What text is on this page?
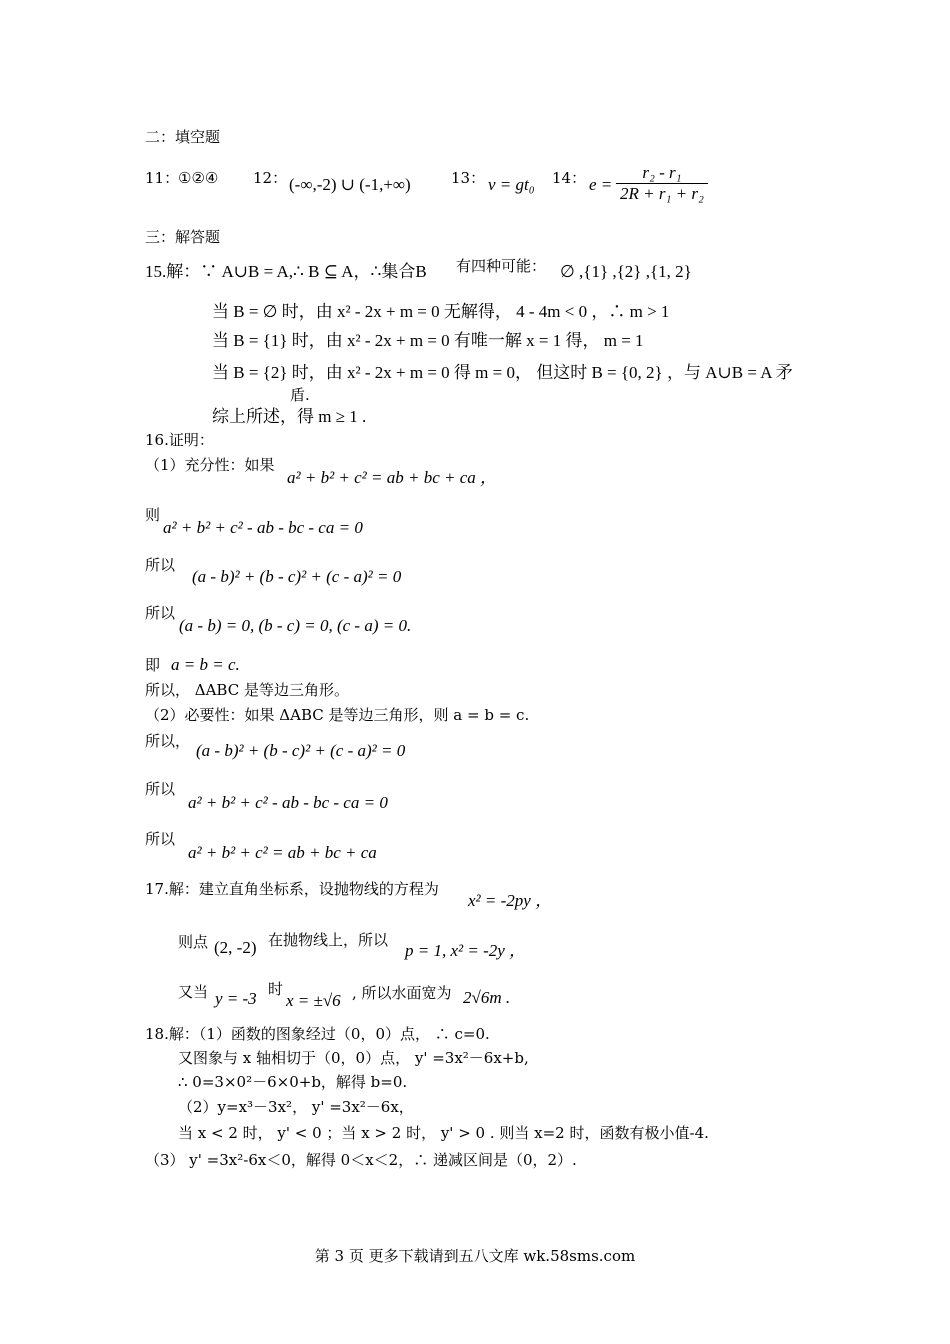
二：填空题
11：
①②④ 12： (-∞,-2) ∪ (-1,+∞)	13： v = gt₀ 14： $e = \frac{\text{r₂ - r₁}}{\text{2R + r₁ + r₂}}$
三：解答题
15.解：∵ A∪B = A,∴ B ⊆ A，∴集合B 有四种可能： ∅ ,{1} ,{2} ,{1, 2}
当 B = ∅ 时，由 x² - 2x + m = 0 无解得， 4 - 4m < 0 ，∴ m > 1
当 B = {1} 时，由 x² - 2x + m = 0 有唯一解 x = 1 得， m = 1
当 B = {2} 时，由 x² - 2x + m = 0 得 m = 0， 但这时 B = {0, 2} ，与 A∪B = A 矛
盾.
综上所述，得 m ≥ 1 .
16.证明：
（1）充分性：如果
a² + b² + c² = ab + bc + ca ，
则
a² + b² + c² - ab - bc - ca = 0
所以
(a - b)² + (b - c)² + (c - a)² = 0
所以
(a - b) = 0, (b - c) = 0, (c - a) = 0.
即 a = b = c.
所以， ΔABC 是等边三角形。
（2）必要性：如果 ΔABC 是等边三角形，则 a = b = c.
所以， (a - b)² + (b - c)² + (c - a)² = 0
所以
a² + b² + c² - ab - bc - ca = 0
所以
a² + b² + c² = ab + bc + ca
17.解：建立直角坐标系，设抛物线的方程为
x² = -2py ，
则点 (2, -2) 在抛物线上，所以
p = 1, x² = -2y ，
又当 y = -3 时
x = ±√6 , 所以水面宽为 2√6m .
18.解：（1）函数的图象经过（0，0）点， ∴ c=0.
又图象与 x 轴相切于（0，0）点， y' =3x²－6x+b,
∴ 0=3×0²－6×0+b，解得 b=0.
（2）y=x³－3x²， y' =3x²－6x，
当 x < 2 时， y' < 0 ；当 x > 2 时， y' > 0 . 则当 x=2 时，函数有极小值-4.
（3） y' =3x²-6x＜0，解得 0＜x＜2，∴ 递减区间是（0，2）.
第 3 页 更多下载请到五八文库 wk.58sms.com
